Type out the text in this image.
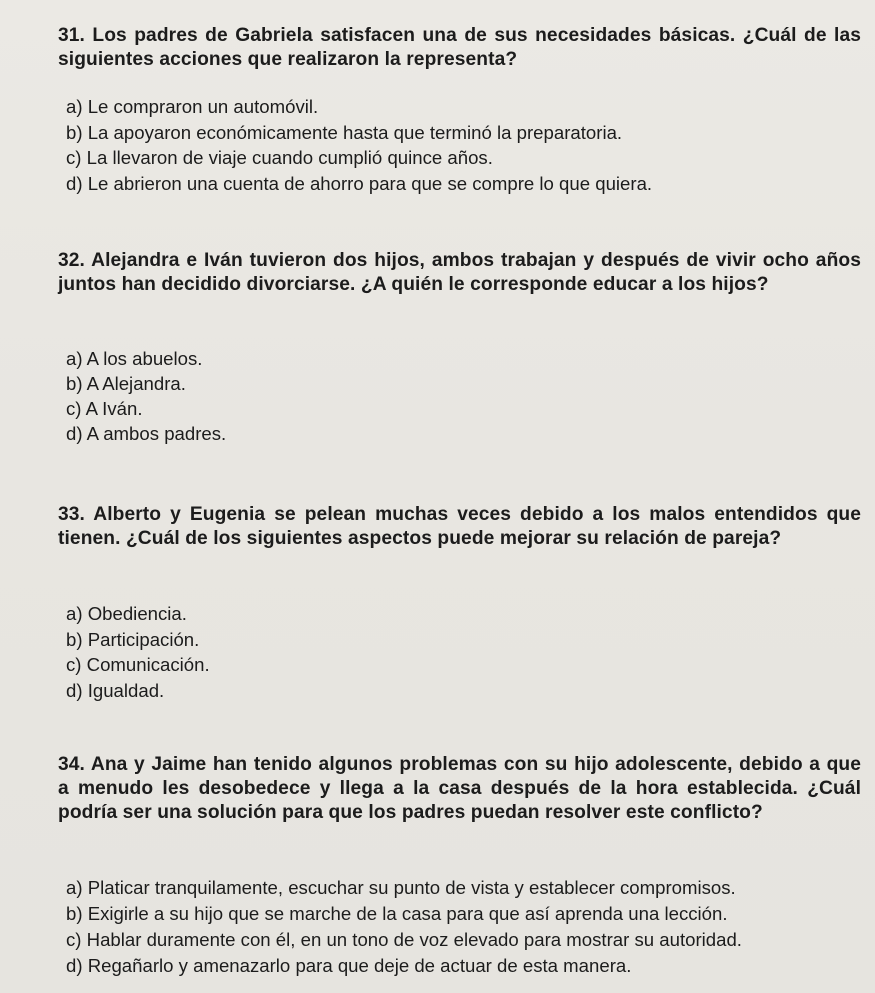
31. Los padres de Gabriela satisfacen una de sus necesidades básicas. ¿Cuál de las siguientes acciones que realizaron la representa?

a) Le compraron un automóvil.
b) La apoyaron económicamente hasta que terminó la preparatoria.
c) La llevaron de viaje cuando cumplió quince años.
d) Le abrieron una cuenta de ahorro para que se compre lo que quiera.

32. Alejandra e Iván tuvieron dos hijos, ambos trabajan y después de vivir ocho años juntos han decidido divorciarse. ¿A quién le corresponde educar a los hijos?

a) A los abuelos.
b) A Alejandra.
c) A Iván.
d) A ambos padres.

33. Alberto y Eugenia se pelean muchas veces debido a los malos entendidos que tienen. ¿Cuál de los siguientes aspectos puede mejorar su relación de pareja?

a) Obediencia.
b) Participación.
c) Comunicación.
d) Igualdad.

34. Ana y Jaime han tenido algunos problemas con su hijo adolescente, debido a que a menudo les desobedece y llega a la casa después de la hora establecida. ¿Cuál podría ser una solución para que los padres puedan resolver este conflicto?

a) Platicar tranquilamente, escuchar su punto de vista y establecer compromisos.
b) Exigirle a su hijo que se marche de la casa para que así aprenda una lección.
c) Hablar duramente con él, en un tono de voz elevado para mostrar su autoridad.
d) Regañarlo y amenazarlo para que deje de actuar de esta manera.
